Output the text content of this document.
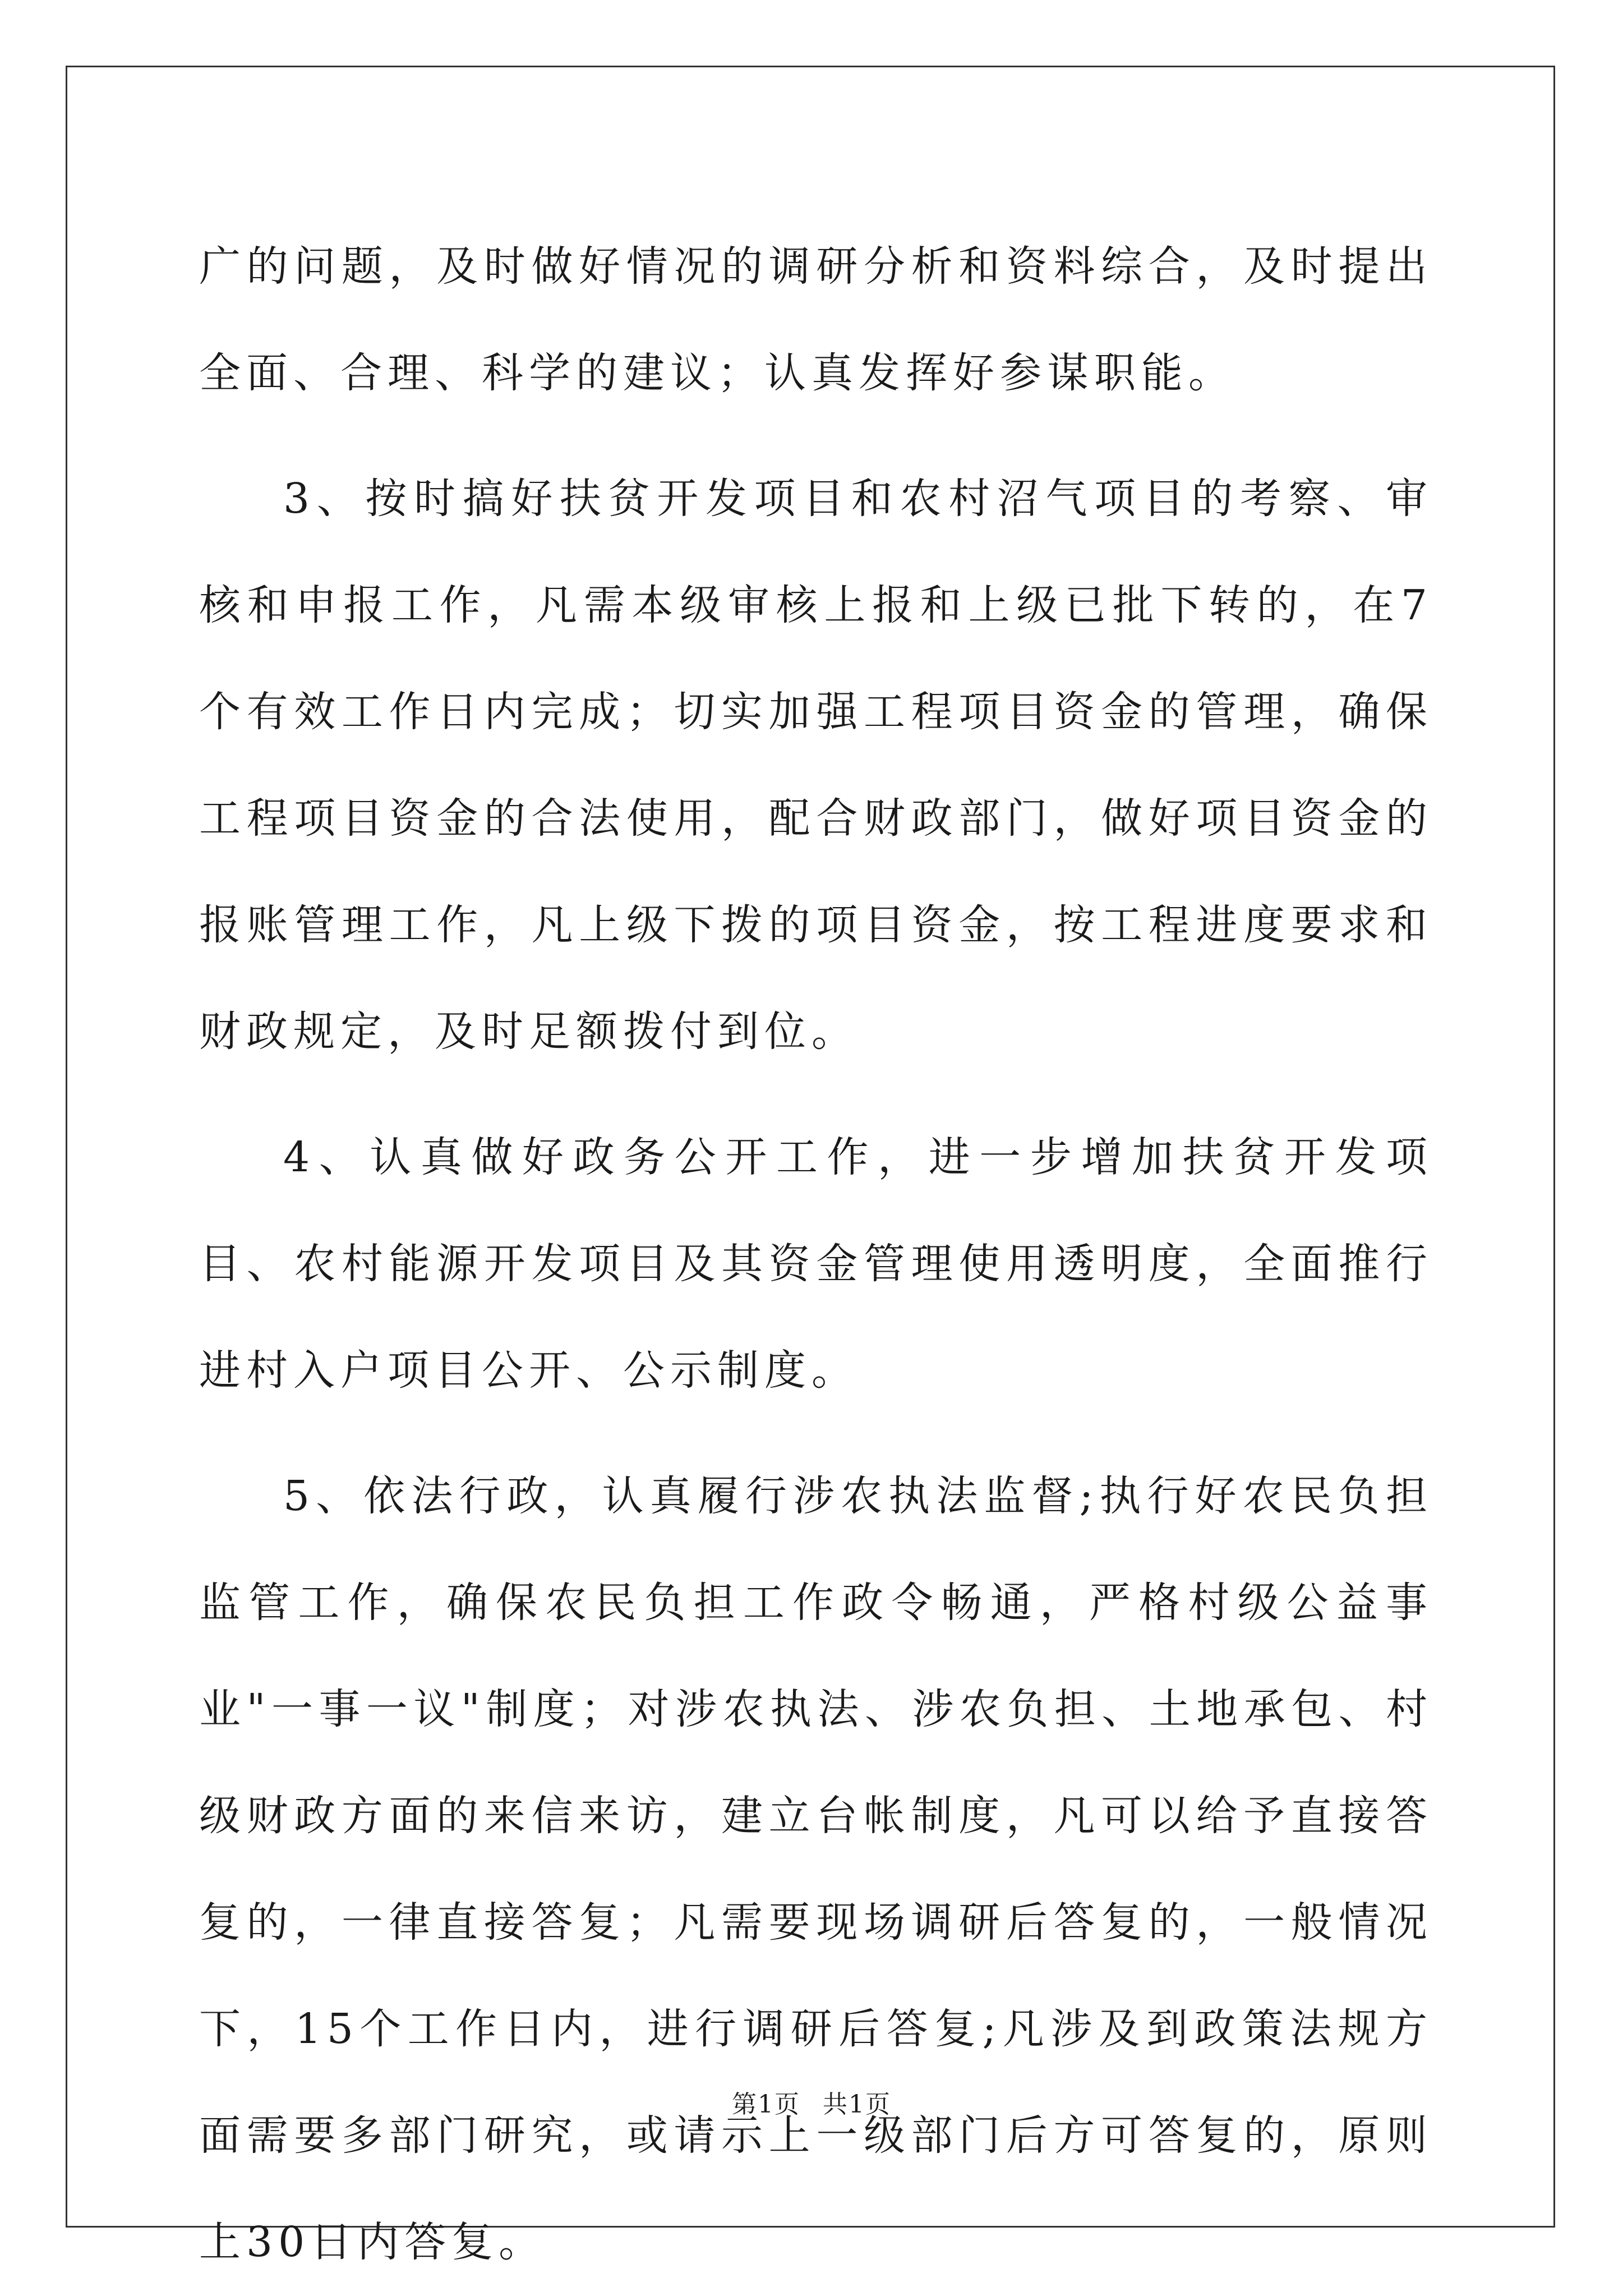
广的问题，及时做好情况的调研分析和资料综合，及时提出全面、合理、科学的建议；认真发挥好参谋职能。

3、按时搞好扶贫开发项目和农村沼气项目的考察、审核和申报工作，凡需本级审核上报和上级已批下转的，在7个有效工作日内完成；切实加强工程项目资金的管理，确保工程项目资金的合法使用，配合财政部门，做好项目资金的报账管理工作，凡上级下拨的项目资金，按工程进度要求和财政规定，及时足额拨付到位。

4、认真做好政务公开工作，进一步增加扶贫开发项目、农村能源开发项目及其资金管理使用透明度，全面推行进村入户项目公开、公示制度。

5、依法行政，认真履行涉农执法监督;执行好农民负担监管工作，确保农民负担工作政令畅通，严格村级公益事业"一事一议"制度；对涉农执法、涉农负担、土地承包、村级财政方面的来信来访，建立台帐制度，凡可以给予直接答复的，一律直接答复；凡需要现场调研后答复的，一般情况下，15个工作日内，进行调研后答复;凡涉及到政策法规方面需要多部门研究，或请示上一级部门后方可答复的，原则上30日内答复。

第1页 共1页
